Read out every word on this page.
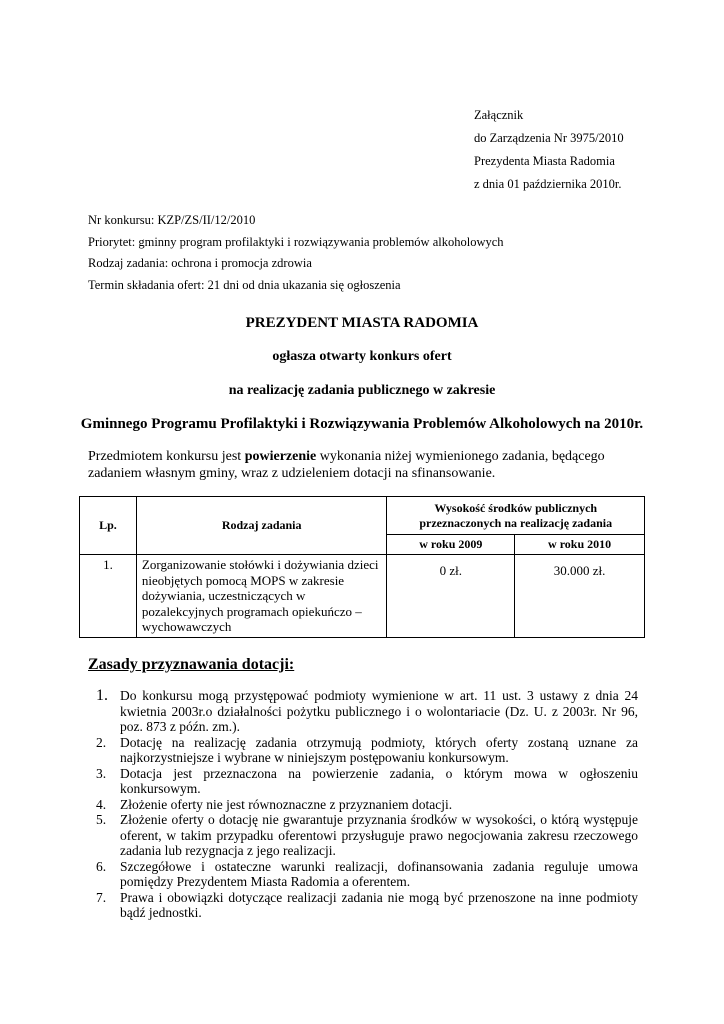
Załącznik
do Zarządzenia Nr 3975/2010
Prezydenta Miasta Radomia
z dnia 01 października 2010r.
Nr konkursu: KZP/ZS/II/12/2010
Priorytet: gminny program profilaktyki i rozwiązywania problemów alkoholowych
Rodzaj zadania: ochrona i promocja zdrowia
Termin składania ofert: 21 dni od dnia ukazania się ogłoszenia
PREZYDENT MIASTA RADOMIA
ogłasza otwarty konkurs ofert
na realizację zadania publicznego w zakresie
Gminnego Programu Profilaktyki i Rozwiązywania Problemów Alkoholowych na 2010r.
Przedmiotem konkursu jest powierzenie wykonania niżej wymienionego zadania, będącego zadaniem własnym gminy, wraz z udzieleniem dotacji na sfinansowanie.
Lp.	Rodzaj zadania	Wysokość środków publicznych przeznaczonych na realizację zadania	
		w roku 2009	w roku 2010
1.	Zorganizowanie stołówki i dożywiania dzieci nieobjętych pomocą MOPS w zakresie dożywiania, uczestniczących w pozalekcyjnych programach opiekuńczo – wychowawczych	0 zł.	30.000 zł.
Zasady przyznawania dotacji:
1. Do konkursu mogą przystępować podmioty wymienione w art. 11 ust. 3 ustawy z dnia 24 kwietnia 2003r.o działalności pożytku publicznego i o wolontariacie (Dz. U. z 2003r. Nr 96, poz. 873 z późn. zm.).
2. Dotację na realizację zadania otrzymują podmioty, których oferty zostaną uznane za najkorzystniejsze i wybrane w niniejszym postępowaniu konkursowym.
3. Dotacja jest przeznaczona na powierzenie zadania, o którym mowa w ogłoszeniu konkursowym.
4. Złożenie oferty nie jest równoznaczne z przyznaniem dotacji.
5. Złożenie oferty o dotację nie gwarantuje przyznania środków w wysokości, o którą występuje oferent, w takim przypadku oferentowi przysługuje prawo negocjowania zakresu rzeczowego zadania lub rezygnacja z jego realizacji.
6. Szczegółowe i ostateczne warunki realizacji, dofinansowania zadania reguluje umowa pomiędzy Prezydentem Miasta Radomia a oferentem.
7. Prawa i obowiązki dotyczące realizacji zadania nie mogą być przenoszone na inne podmioty bądź jednostki.
